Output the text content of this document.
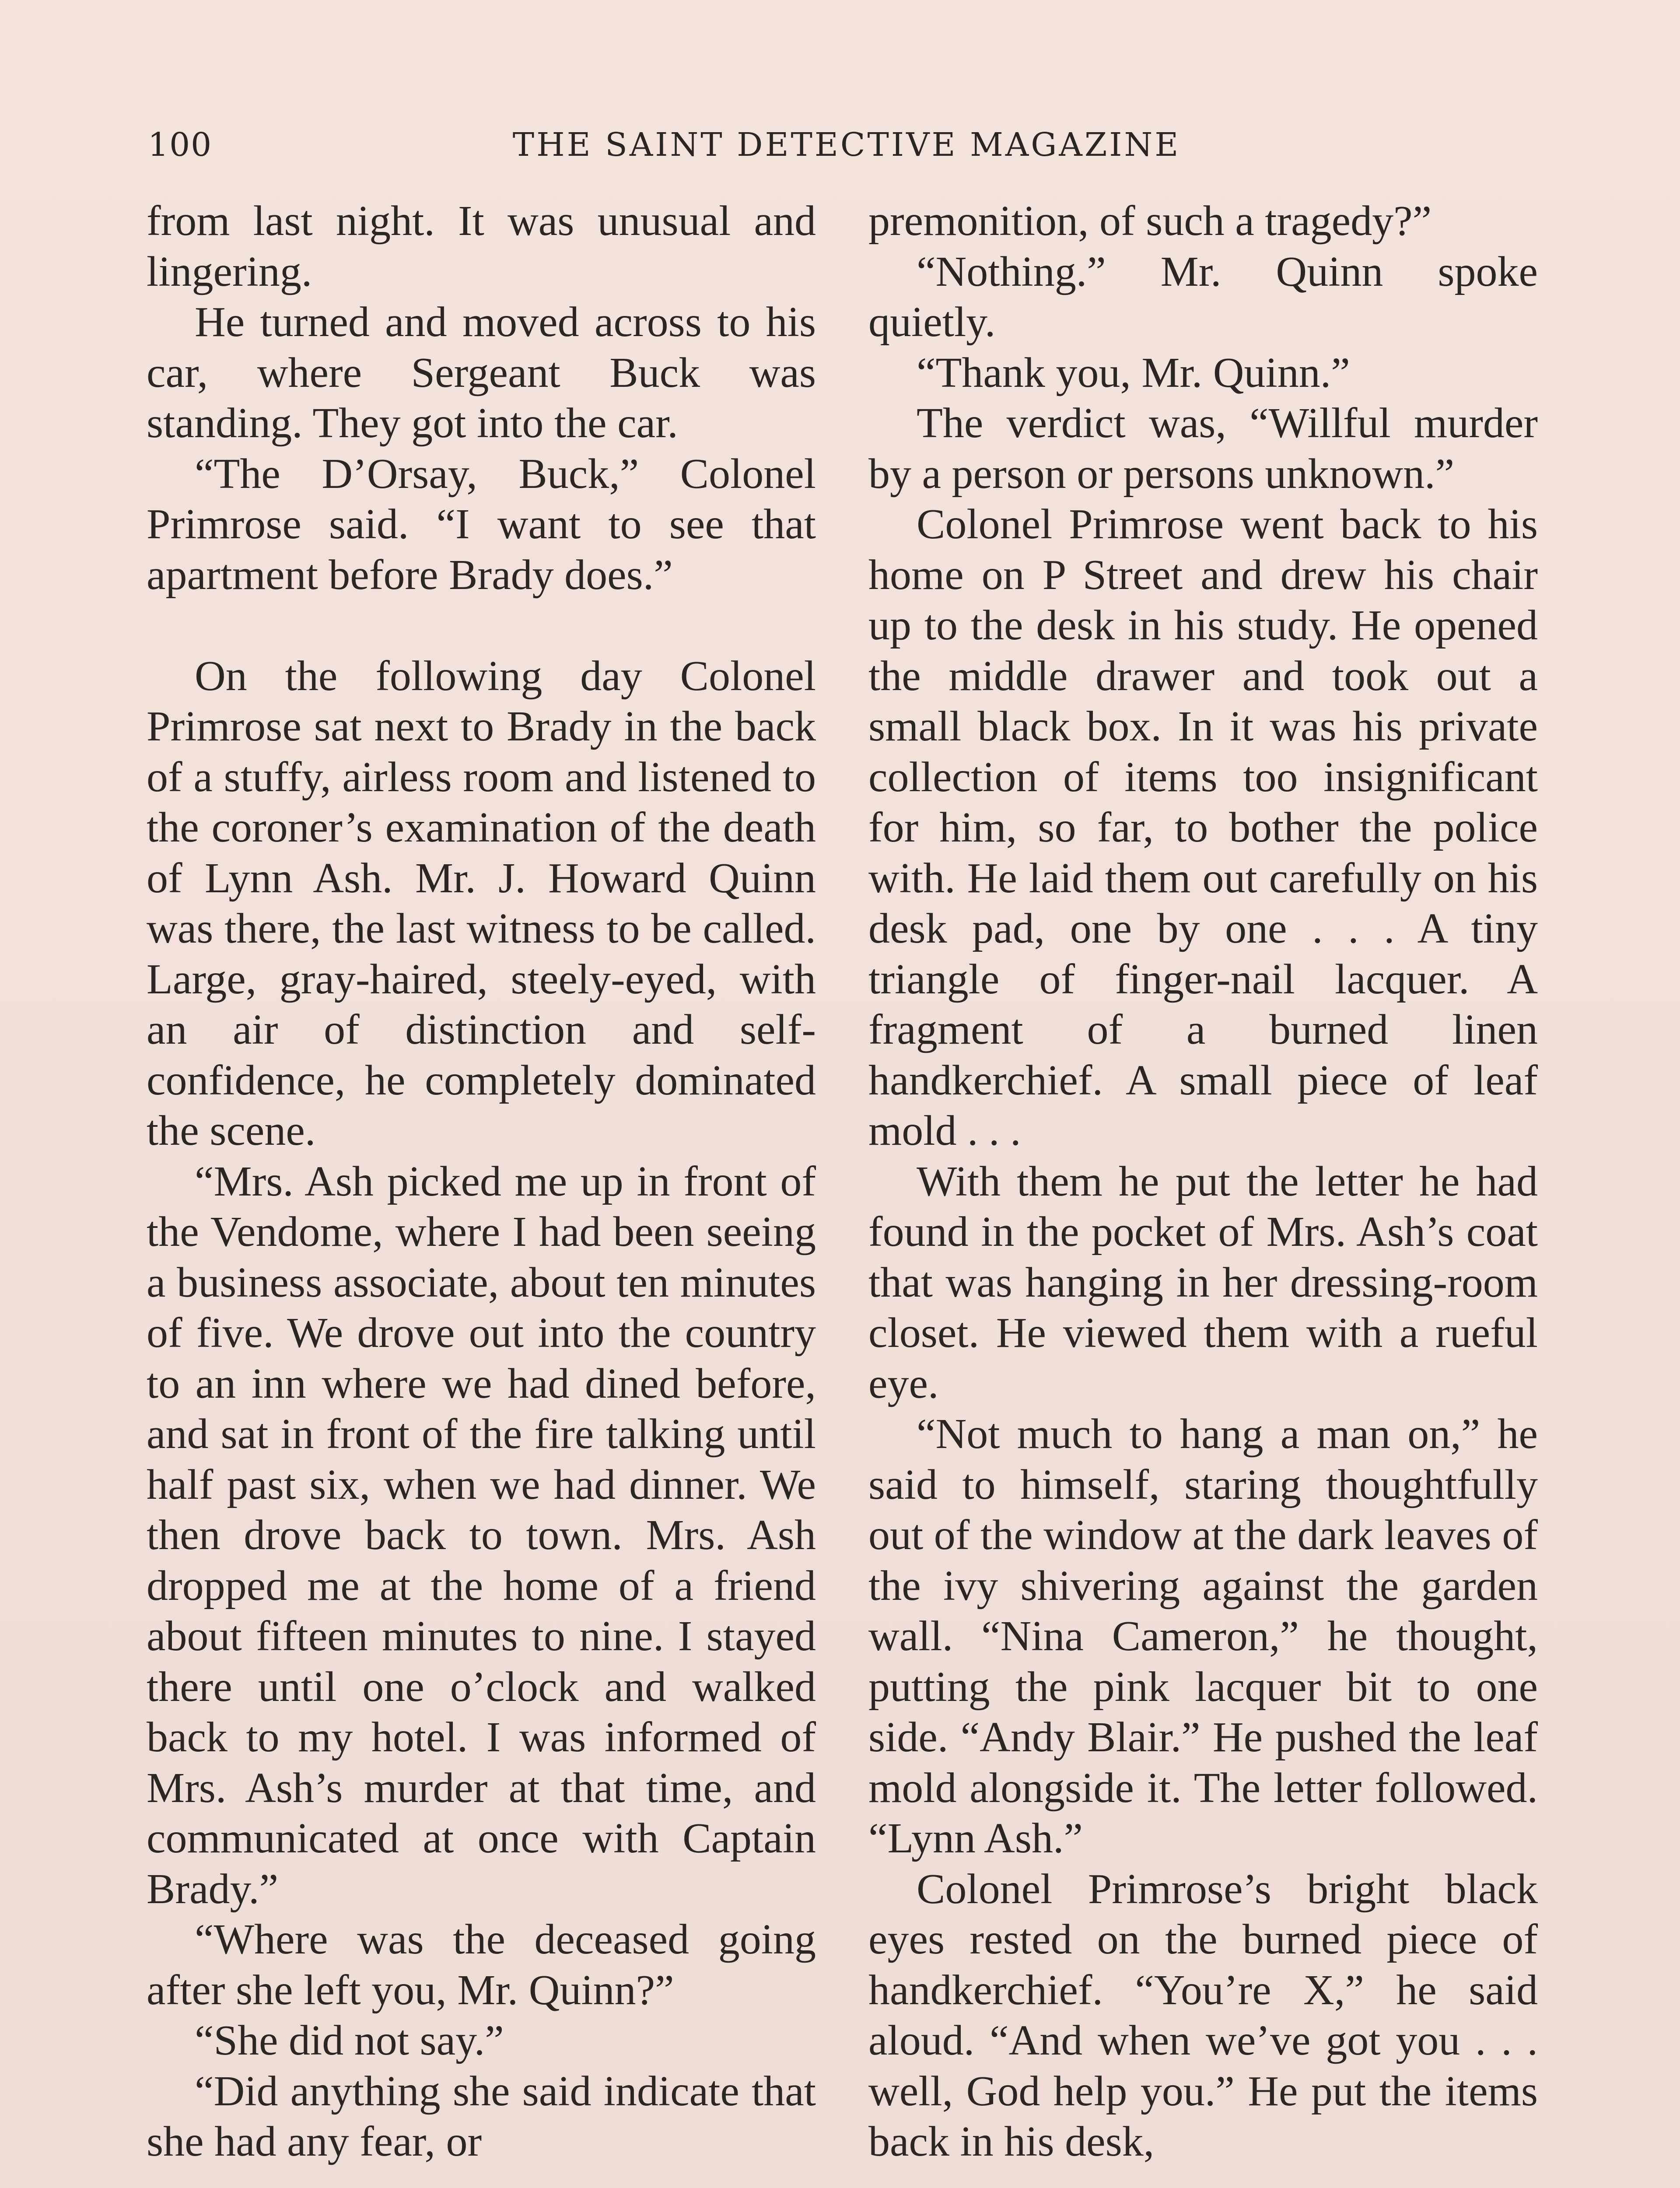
100	THE SAINT DETECTIVE MAGAZINE

from last night. It was unusual and lingering.

He turned and moved across to his car, where Sergeant Buck was standing. They got into the car.

“The D’Orsay, Buck,” Colonel Primrose said. “I want to see that apartment before Brady does.”

On the following day Colonel Primrose sat next to Brady in the back of a stuffy, airless room and listened to the coroner’s examination of the death of Lynn Ash. Mr. J. Howard Quinn was there, the last witness to be called. Large, gray-haired, steely-eyed, with an air of distinction and self-confidence, he completely dominated the scene.

“Mrs. Ash picked me up in front of the Vendome, where I had been seeing a business associate, about ten minutes of five. We drove out into the country to an inn where we had dined before, and sat in front of the fire talking until half past six, when we had dinner. We then drove back to town. Mrs. Ash dropped me at the home of a friend about fifteen minutes to nine. I stayed there until one o’clock and walked back to my hotel. I was informed of Mrs. Ash’s murder at that time, and communicated at once with Captain Brady.”

“Where was the deceased going after she left you, Mr. Quinn?”

“She did not say.”

“Did anything she said indicate that she had any fear, or

premonition, of such a tragedy?”

“Nothing.” Mr. Quinn spoke quietly.

“Thank you, Mr. Quinn.”

The verdict was, “Willful murder by a person or persons unknown.”

Colonel Primrose went back to his home on P Street and drew his chair up to the desk in his study. He opened the middle drawer and took out a small black box. In it was his private collection of items too insignificant for him, so far, to bother the police with. He laid them out carefully on his desk pad, one by one . . . A tiny triangle of finger-nail lacquer. A fragment of a burned linen handkerchief. A small piece of leaf mold . . .

With them he put the letter he had found in the pocket of Mrs. Ash’s coat that was hanging in her dressing-room closet. He viewed them with a rueful eye.

“Not much to hang a man on,” he said to himself, staring thoughtfully out of the window at the dark leaves of the ivy shivering against the garden wall. “Nina Cameron,” he thought, putting the pink lacquer bit to one side. “Andy Blair.” He pushed the leaf mold alongside it. The letter followed. “Lynn Ash.”

Colonel Primrose’s bright black eyes rested on the burned piece of handkerchief. “You’re X,” he said aloud. “And when we’ve got you . . . well, God help you.” He put the items back in his desk,
